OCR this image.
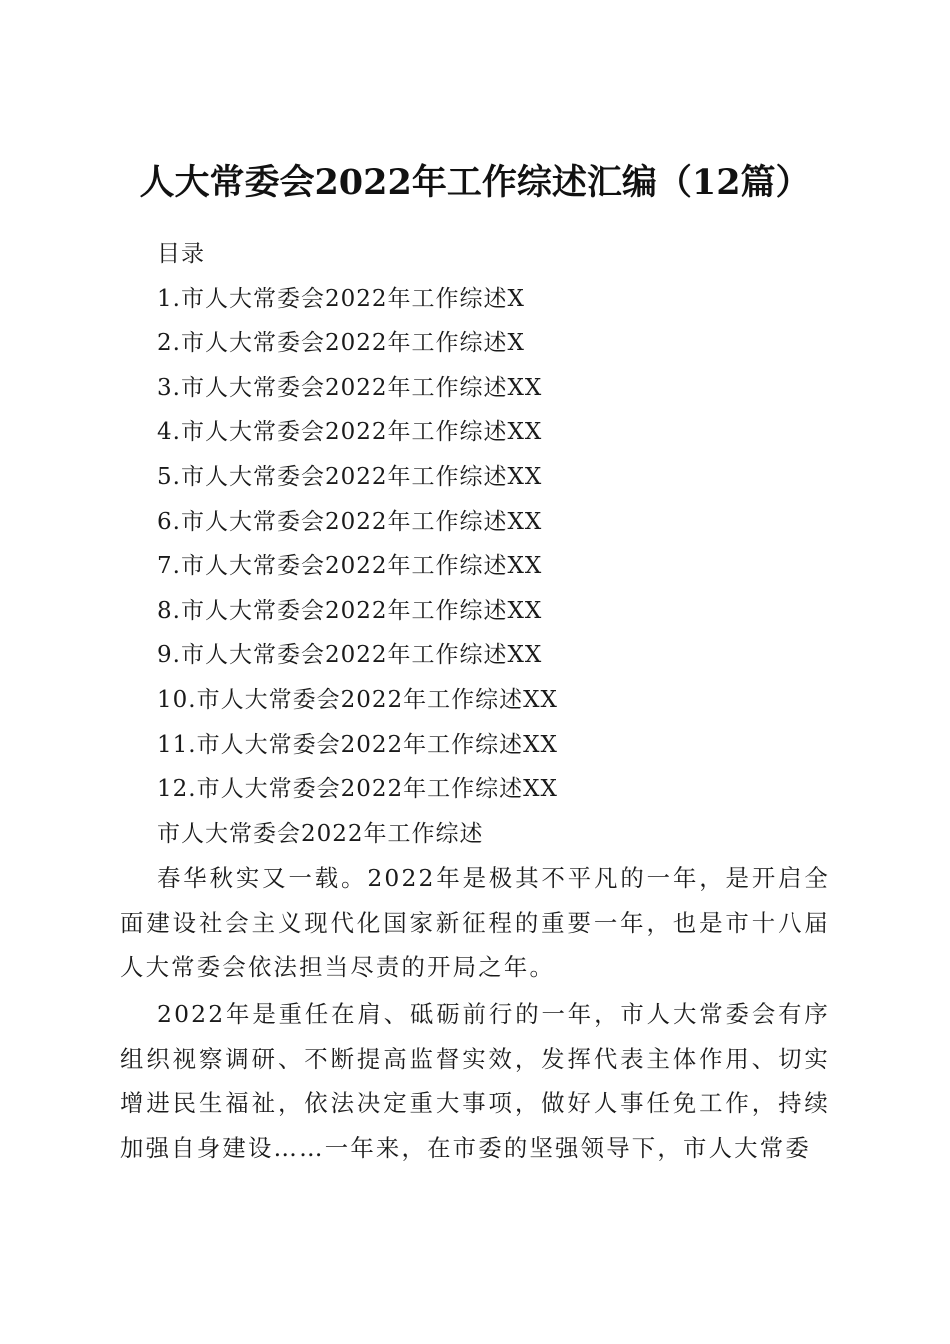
人大常委会2022年工作综述汇编（12篇）
目录
1.市人大常委会2022年工作综述X
2.市人大常委会2022年工作综述X
3.市人大常委会2022年工作综述XX
4.市人大常委会2022年工作综述XX
5.市人大常委会2022年工作综述XX
6.市人大常委会2022年工作综述XX
7.市人大常委会2022年工作综述XX
8.市人大常委会2022年工作综述XX
9.市人大常委会2022年工作综述XX
10.市人大常委会2022年工作综述XX
11.市人大常委会2022年工作综述XX
12.市人大常委会2022年工作综述XX
市人大常委会2022年工作综述

春华秋实又一载。2022年是极其不平凡的一年，是开启全面建设社会主义现代化国家新征程的重要一年，也是市十八届人大常委会依法担当尽责的开局之年。

2022年是重任在肩、砥砺前行的一年，市人大常委会有序组织视察调研、不断提高监督实效，发挥代表主体作用、切实增进民生福祉，依法决定重大事项，做好人事任免工作，持续加强自身建设……一年来，在市委的坚强领导下，市人大常委
